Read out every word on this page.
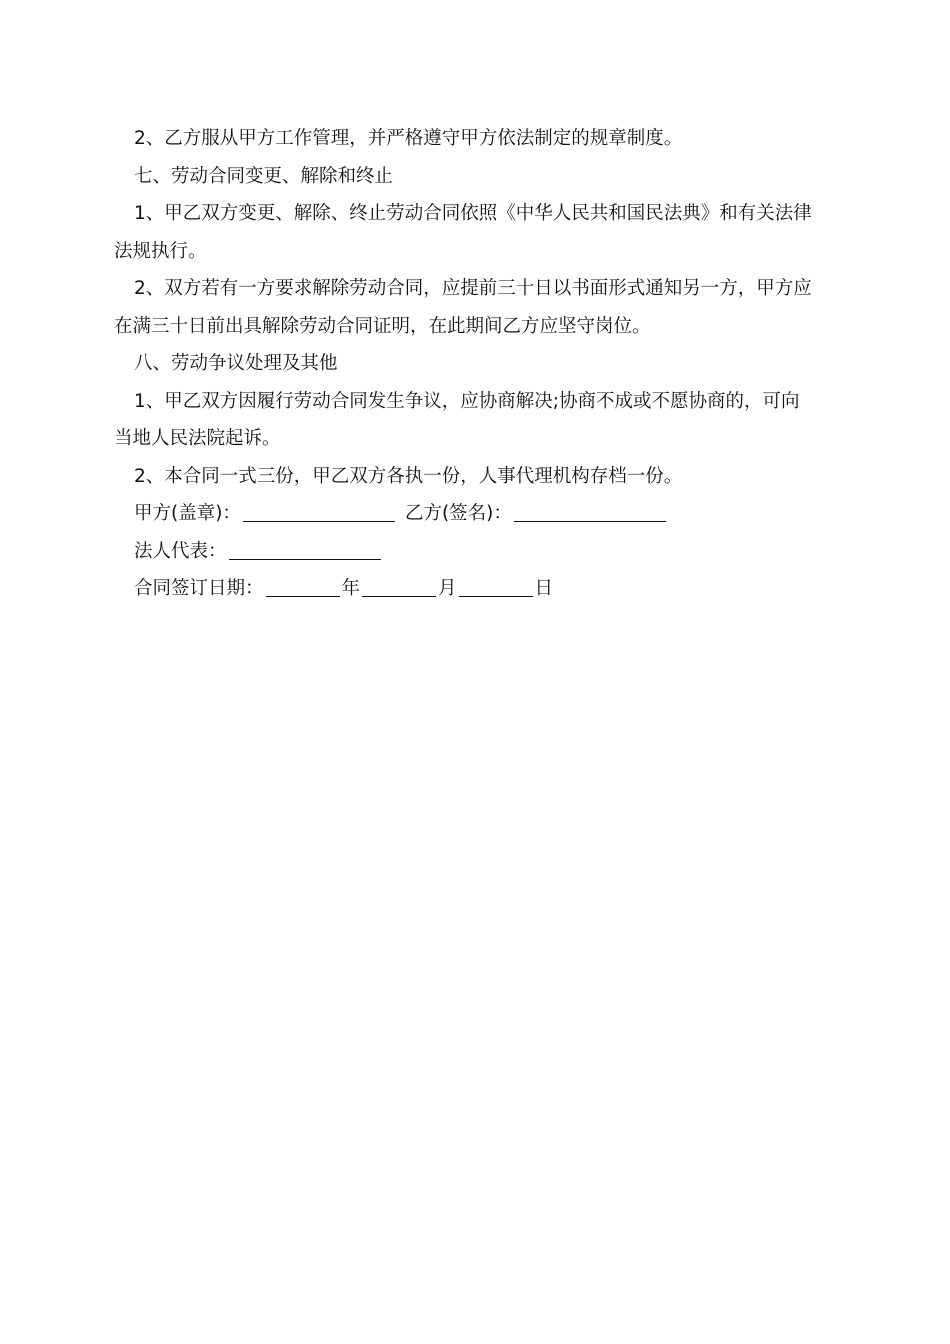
2、乙方服从甲方工作管理，并严格遵守甲方依法制定的规章制度。
七、劳动合同变更、解除和终止
1、甲乙双方变更、解除、终止劳动合同依照《中华人民共和国民法典》和有关法律
法规执行。
2、双方若有一方要求解除劳动合同，应提前三十日以书面形式通知另一方，甲方应
在满三十日前出具解除劳动合同证明，在此期间乙方应坚守岗位。
八、劳动争议处理及其他
1、甲乙双方因履行劳动合同发生争议，应协商解决;协商不成或不愿协商的，可向
当地人民法院起诉。
2、本合同一式三份，甲乙双方各执一份，人事代理机构存档一份。
甲方(盖章)：	乙方(签名)：
法人代表：
合同签订日期：	年	月	日
